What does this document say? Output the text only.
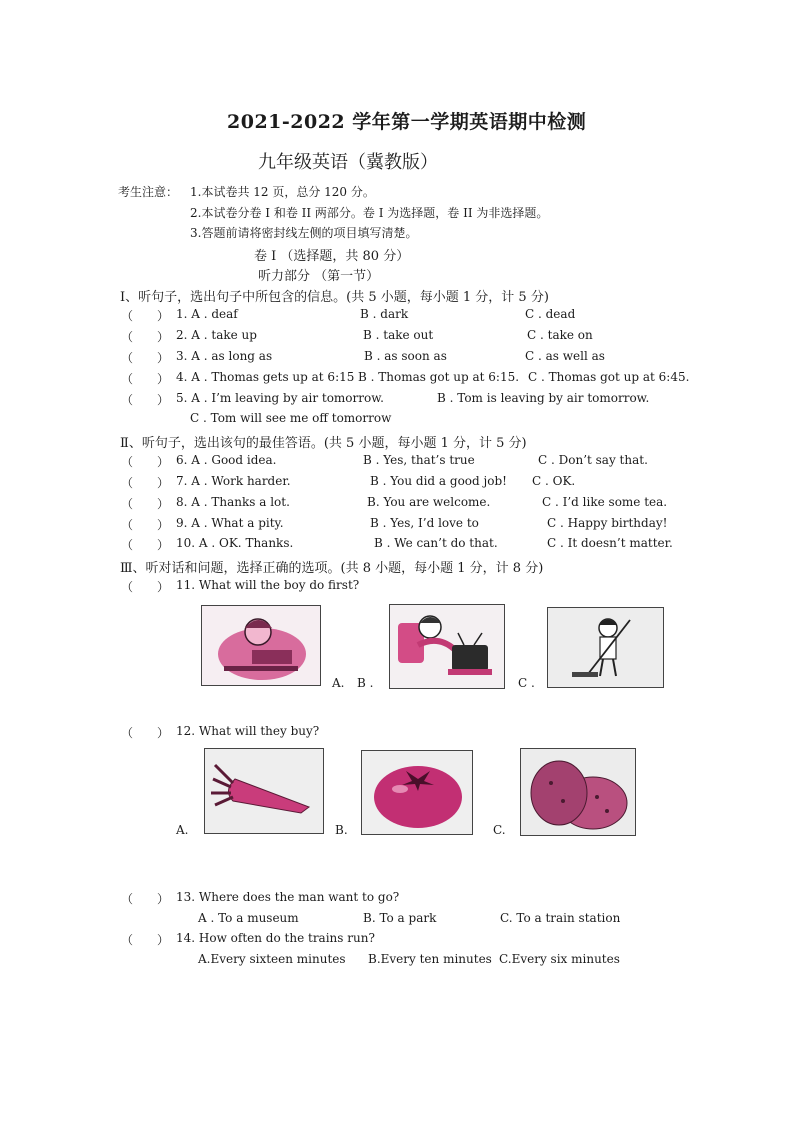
2021-2022 学年第一学期英语期中检测
九年级英语（冀教版）
考生注意： 1.本试卷共 12 页，总分 120 分。
2.本试卷分卷 I 和卷 II 两部分。卷 I 为选择题，卷 II 为非选择题。
3.答题前请将密封线左侧的项目填写清楚。
卷 I （选择题，共 80 分）
听力部分 （第一节）
Ⅰ、听句子，选出句子中所包含的信息。(共 5 小题，每小题 1 分，计 5 分)
（　　） 1. A . deaf	B . dark	C . dead
（　　） 2. A . take up	B . take out	C . take on
（　　） 3. A . as long as	B . as soon as	C . as well as
（　　） 4. A . Thomas gets up at 6:15 B . Thomas got up at 6:15. C . Thomas got up at 6:45.
（　　） 5. A . I’m leaving by air tomorrow.	B . Tom is leaving by air tomorrow.
C . Tom will see me off tomorrow
Ⅱ、听句子，选出该句的最佳答语。(共 5 小题，每小题 1 分，计 5 分)
（　　） 6. A . Good idea.	B . Yes, that’s true	C . Don’t say that.
（　　） 7. A . Work harder.	B . You did a good job! C . OK.
（　　） 8. A . Thanks a lot.	B. You are welcome.	C . I’d like some tea.
（　　） 9. A . What a pity.	B . Yes, I’d love to	C . Happy birthday!
（　　） 10. A . OK. Thanks.	B . We can’t do that.	C . It doesn’t matter.
Ⅲ、听对话和问题，选择正确的选项。(共 8 小题，每小题 1 分，计 8 分)
（　　） 11. What will the boy do first?
A. B .	C .
（　　） 12. What will they buy?
A.	B.	C.
（　　） 13. Where does the man want to go?
A . To a museum	B. To a park	C. To a train station
（　　） 14. How often do the trains run?
A.Every sixteen minutes B.Every ten minutes C.Every six minutes
